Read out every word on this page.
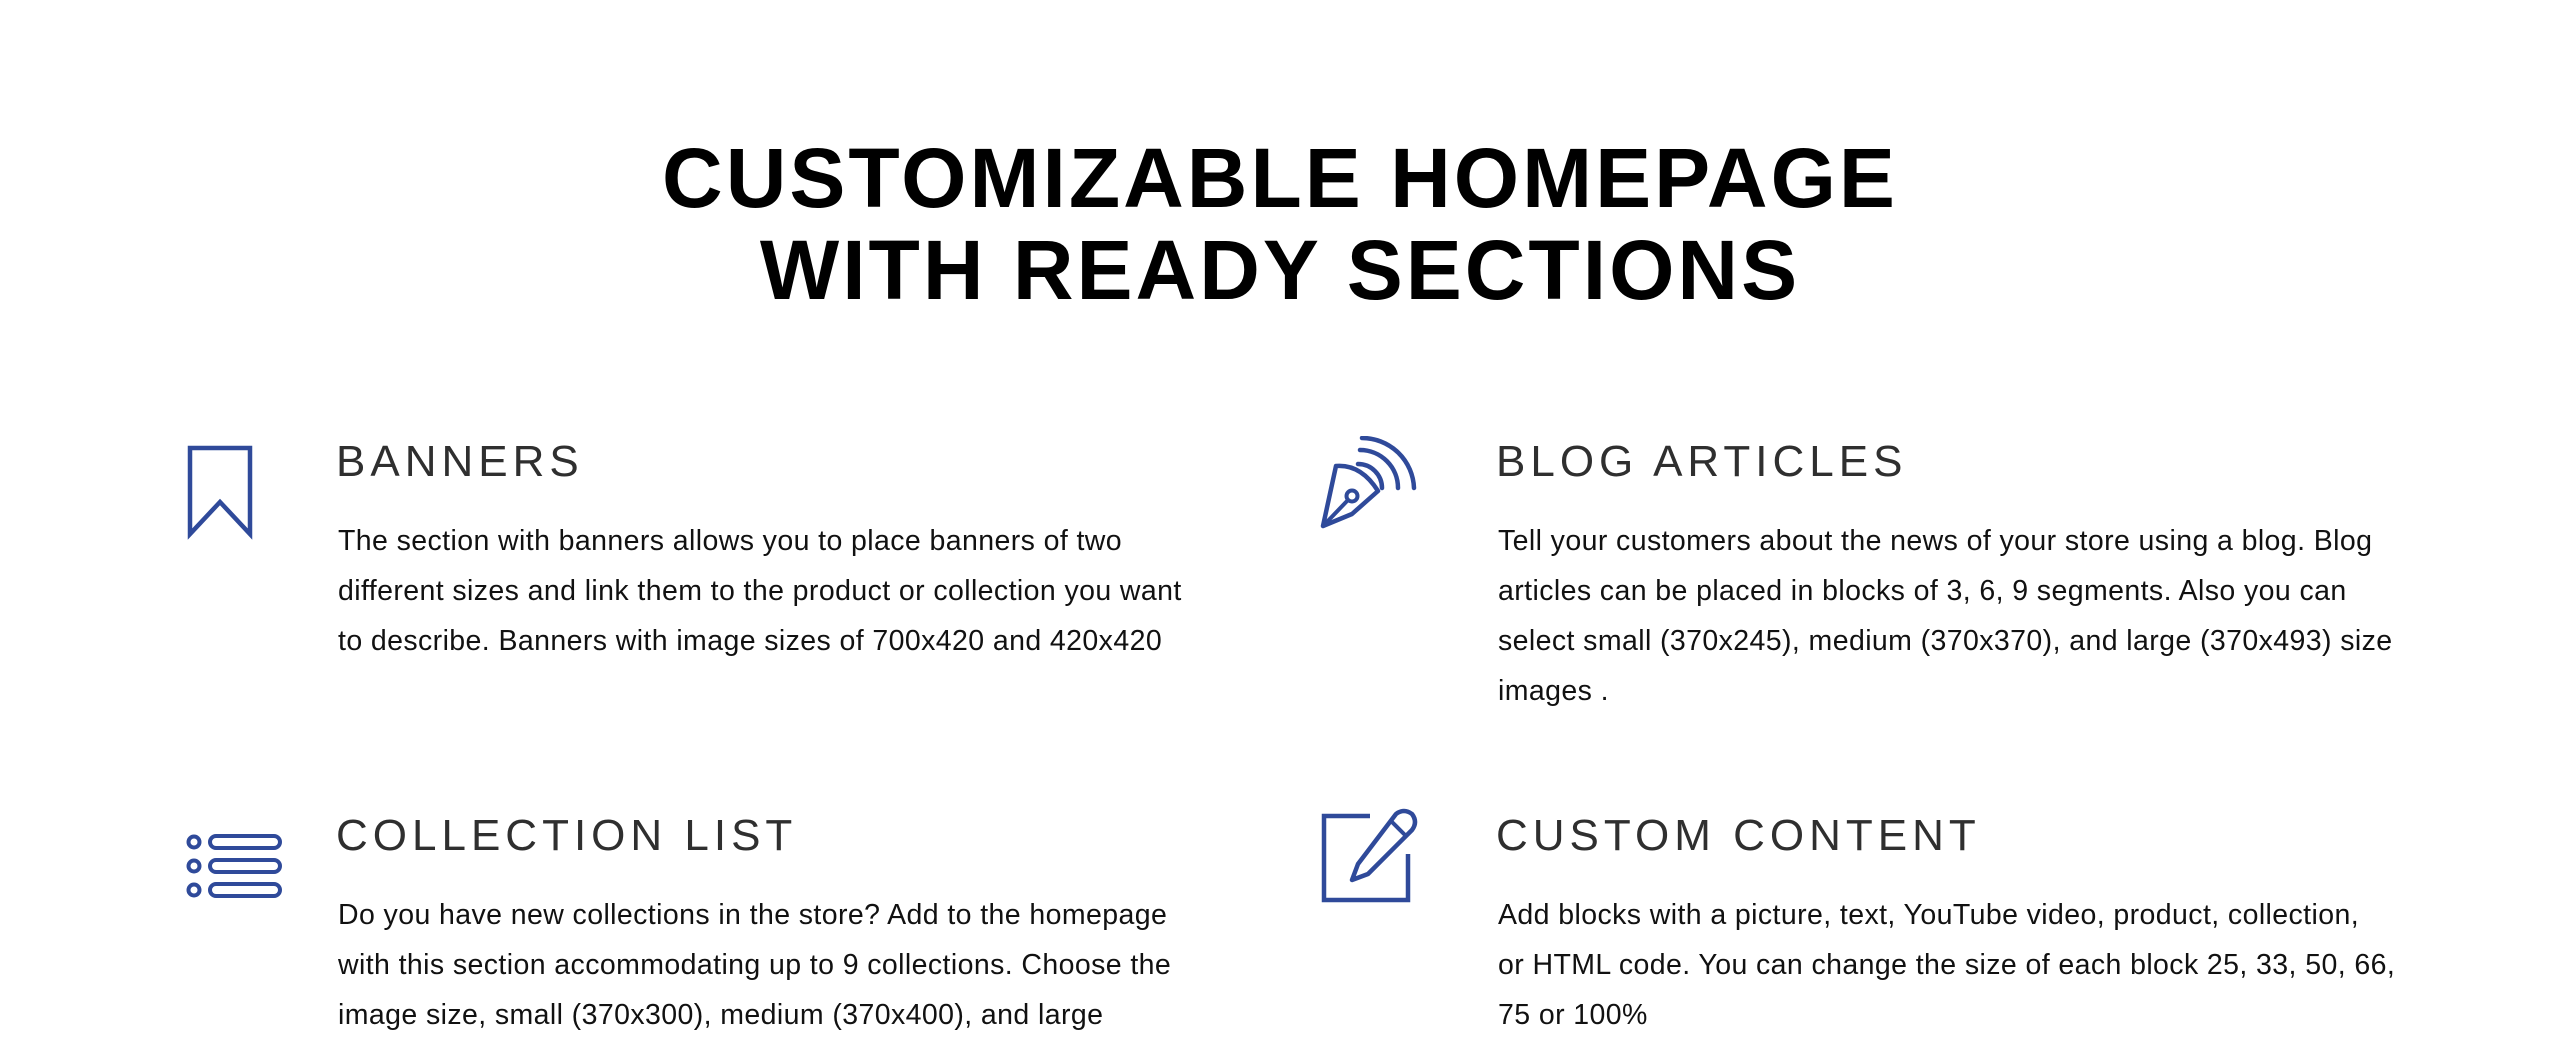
CUSTOMIZABLE HOMEPAGE
WITH READY SECTIONS
BANNERS

The section with banners allows you to place banners of two
different sizes and link them to the product or collection you want
to describe. Banners with image sizes of 700x420 and 420x420

BLOG ARTICLES

Tell your customers about the news of your store using a blog. Blog
articles can be placed in blocks of 3, 6, 9 segments. Also you can
select small (370x245), medium (370x370), and large (370x493) size
images .

COLLECTION LIST

Do you have new collections in the store? Add to the homepage
with this section accommodating up to 9 collections. Choose the
image size, small (370x300), medium (370x400), and large

CUSTOM CONTENT

Add blocks with a picture, text, YouTube video, product, collection,
or HTML code. You can change the size of each block 25, 33, 50, 66,
75 or 100%
